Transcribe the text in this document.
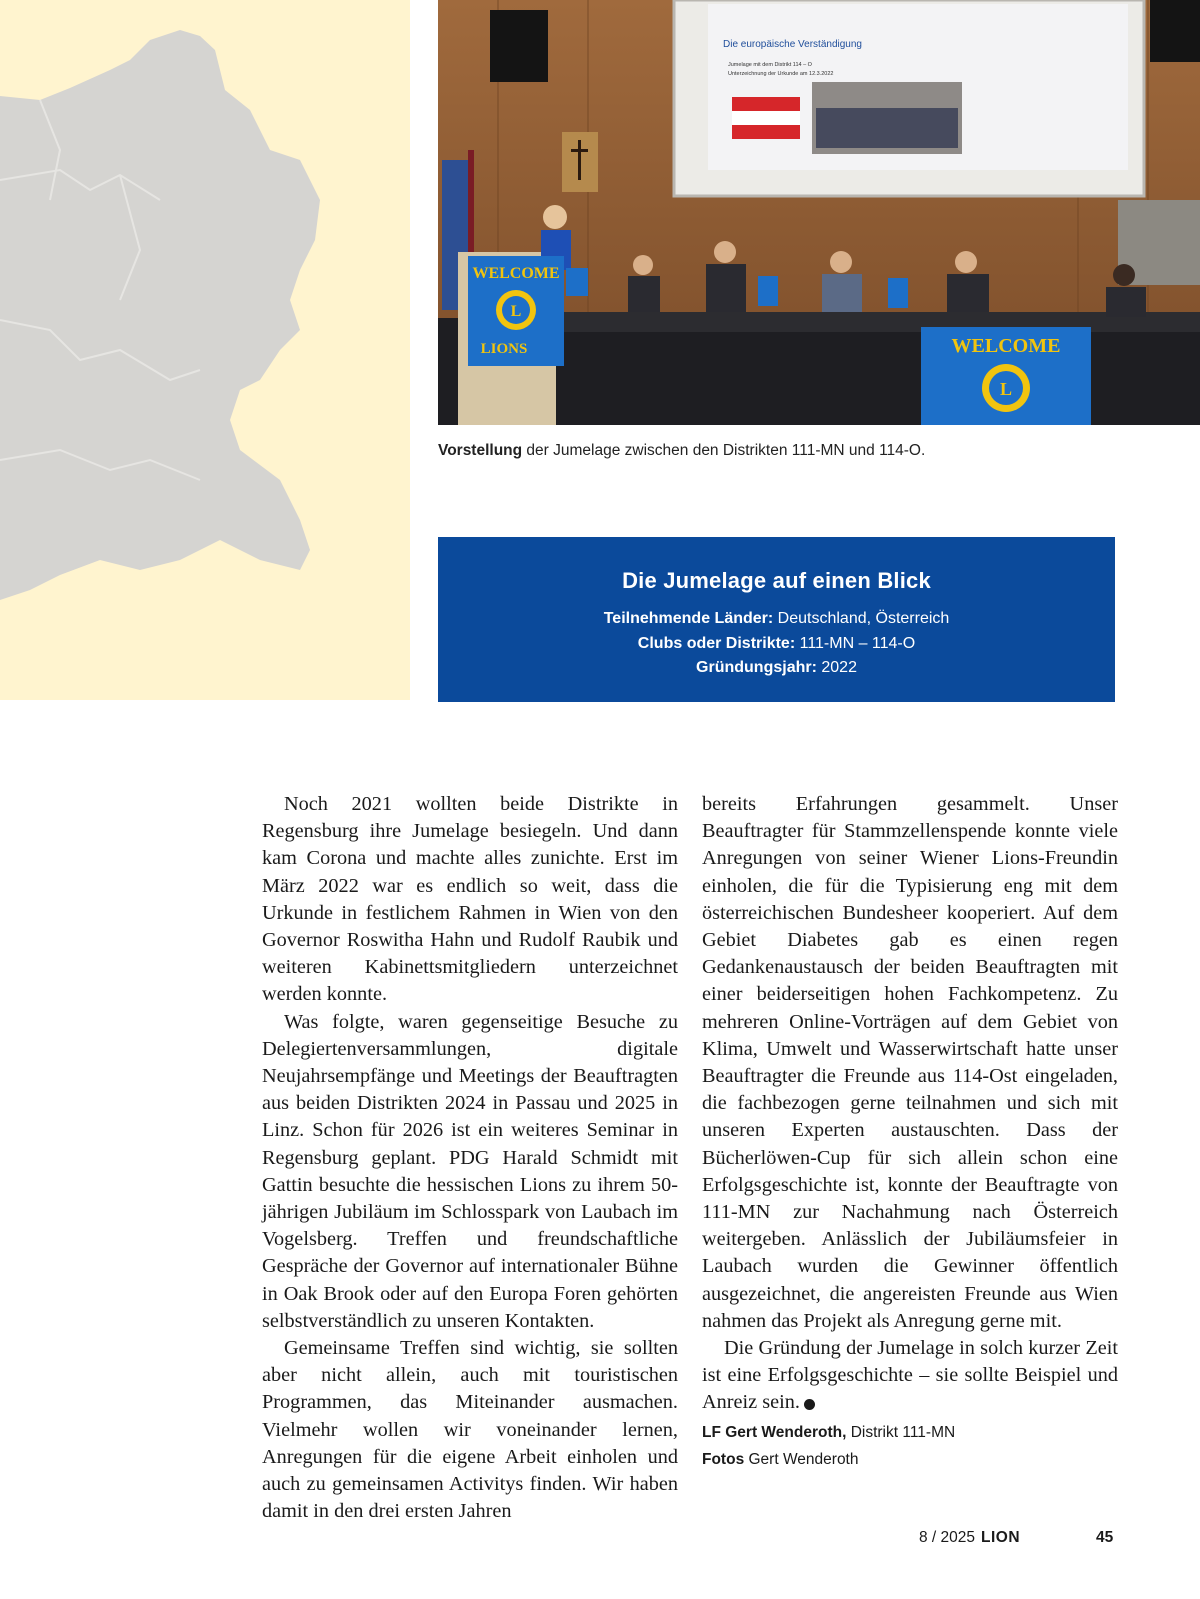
Die europäische Verständigung
Jumelage mit dem Distrikt 114 – O
Unterzeichnung der Urkunde am 12.3.2022
WELCOME
L
LIONS	WELCOME
L
Vorstellung der Jumelage zwischen den Distrikten 111-MN und 114-O.
Die Jumelage auf einen Blick
Teilnehmende Länder: Deutschland, Österreich
Clubs oder Distrikte: 111-MN – 114-O
Gründungsjahr: 2022

Noch 2021 wollten beide Distrikte in Regensburg ihre Jumelage besiegeln. Und dann kam Corona und machte alles zunichte. Erst im März 2022 war es endlich so weit, dass die Urkunde in festlichem Rahmen in Wien von den Governor Roswitha Hahn und Rudolf Raubik und weiteren Kabinettsmitgliedern unterzeichnet werden konnte.

Was folgte, waren gegenseitige Besuche zu Delegiertenversammlungen, digitale Neujahrsempfänge und Meetings der Beauftragten aus beiden Distrikten 2024 in Passau und 2025 in Linz. Schon für 2026 ist ein weiteres Seminar in Regensburg geplant. PDG Harald Schmidt mit Gattin besuchte die hessischen Lions zu ihrem 50-jährigen Jubiläum im Schlosspark von Laubach im Vogelsberg. Treffen und freundschaftliche Gespräche der Governor auf internationaler Bühne in Oak Brook oder auf den Europa Foren gehörten selbstverständlich zu unseren Kontakten.

Gemeinsame Treffen sind wichtig, sie sollten aber nicht allein, auch mit touristischen Programmen, das Miteinander ausmachen. Vielmehr wollen wir voneinander lernen, Anregungen für die eigene Arbeit einholen und auch zu gemeinsamen Activitys finden. Wir haben damit in den drei ersten Jahren

bereits Erfahrungen gesammelt. Unser Beauftragter für Stammzellenspende konnte viele Anregungen von seiner Wiener Lions-Freundin einholen, die für die Typisierung eng mit dem österreichischen Bundesheer kooperiert. Auf dem Gebiet Diabetes gab es einen regen Gedankenaustausch der beiden Beauftragten mit einer beiderseitigen hohen Fachkompetenz. Zu mehreren Online-Vorträgen auf dem Gebiet von Klima, Umwelt und Wasserwirtschaft hatte unser Beauftragter die Freunde aus 114-Ost eingeladen, die fachbezogen gerne teilnahmen und sich mit unseren Experten austauschten. Dass der Bücherlöwen-Cup für sich allein schon eine Erfolgsgeschichte ist, konnte der Beauftragte von 111-MN zur Nachahmung nach Österreich weitergeben. Anlässlich der Jubiläumsfeier in Laubach wurden die Gewinner öffentlich ausgezeichnet, die angereisten Freunde aus Wien nahmen das Projekt als Anregung gerne mit.

Die Gründung der Jumelage in solch kurzer Zeit ist eine Erfolgsgeschichte – sie sollte Beispiel und Anreiz sein.	L

LF Gert Wenderoth, Distrikt 111-MN
Fotos Gert Wenderoth
8 / 2025 LION	45
